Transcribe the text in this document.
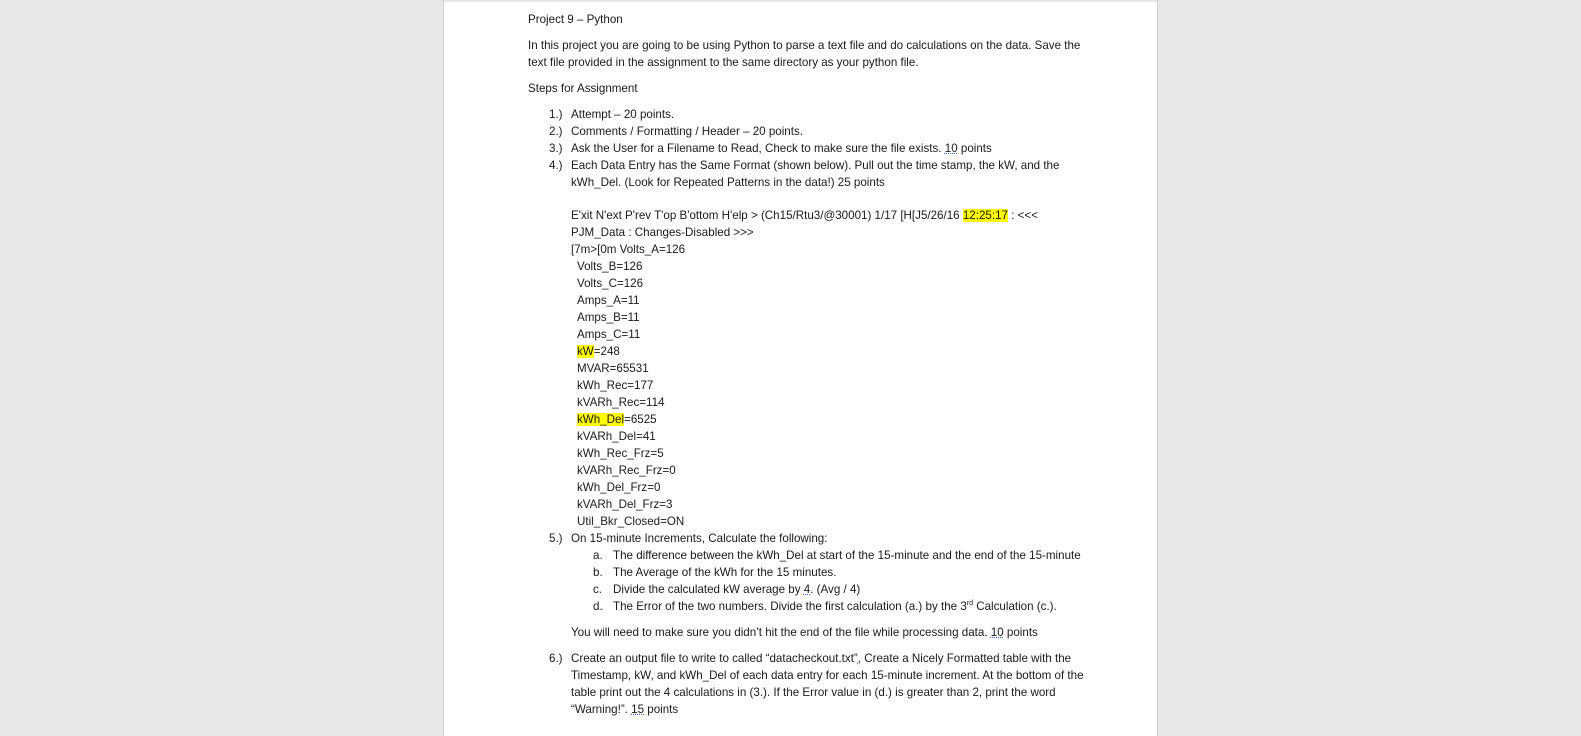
Project 9 – Python

In this project you are going to be using Python to parse a text file and do calculations on the data. Save the text file provided in the assignment to the same directory as your python file.

Steps for Assignment

1.) Attempt – 20 points.
2.) Comments / Formatting / Header – 20 points.
3.) Ask the User for a Filename to Read, Check to make sure the file exists. 10 points
4.) Each Data Entry has the Same Format (shown below). Pull out the time stamp, the kW, and the kWh_Del. (Look for Repeated Patterns in the data!) 25 points
E'xit N'ext P'rev T'op B'ottom H'elp > (Ch15/Rtu3/@30001) 1/17 [H[J5/26/16 12:25:17 : <<<
PJM_Data : Changes-Disabled >>>
[7m>[0m Volts_A=126
Volts_B=126
Volts_C=126
Amps_A=11
Amps_B=11
Amps_C=11
kW=248
MVAR=65531
kWh_Rec=177
kVARh_Rec=114
kWh_Del=6525
kVARh_Del=41
kWh_Rec_Frz=5
kVARh_Rec_Frz=0
kWh_Del_Frz=0
kVARh_Del_Frz=3
Util_Bkr_Closed=ON
5.) On 15-minute Increments, Calculate the following:
a. The difference between the kWh_Del at start of the 15-minute and the end of the 15-minute
b. The Average of the kWh for the 15 minutes.
c. Divide the calculated kW average by 4. (Avg / 4)
d. The Error of the two numbers. Divide the first calculation (a.) by the 3rd Calculation (c.).

You will need to make sure you didn’t hit the end of the file while processing data. 10 points

6.) Create an output file to write to called “datacheckout.txt”, Create a Nicely Formatted table with the Timestamp, kW, and kWh_Del of each data entry for each 15-minute increment. At the bottom of the table print out the 4 calculations in (3.). If the Error value in (d.) is greater than 2, print the word “Warning!”. 15 points
